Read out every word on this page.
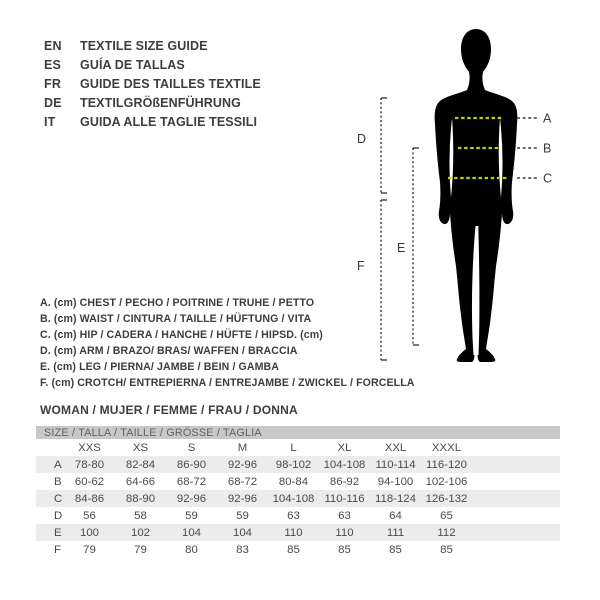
EN	TEXTILE SIZE GUIDE
ES	GUÍA DE TALLAS
FR	GUIDE DES TAILLES TEXTILE
DE	TEXTILGRÖßENFÜHRUNG
IT	GUIDA ALLE TAGLIE TESSILI
A. (cm) CHEST / PECHO / POITRINE / TRUHE / PETTO
B. (cm) WAIST / CINTURA / TAILLE / HÜFTUNG / VITA
C. (cm) HIP / CADERA / HANCHE / HÜFTE / HIPSD. (cm)
D. (cm) ARM / BRAZO/ BRAS/ WAFFEN / BRACCIA
E. (cm) LEG / PIERNA/ JAMBE / BEIN / GAMBA
F. (cm) CROTCH/ ENTREPIERNA / ENTREJAMBE / ZWICKEL / FORCELLA
A
B
C
D
E
F
WOMAN / MUJER / FEMME / FRAU / DONNA
SIZE / TALLA / TAILLE / GRÖSSE / TAGLIA									
	XXS	XS	S	M	L	XL	XXL	XXXL	
A	78-80	82-84	86-90	92-96	98-102	104-108	110-114	116-120	
B	60-62	64-66	68-72	68-72	80-84	86-92	94-100	102-106	
C	84-86	88-90	92-96	92-96	104-108	110-116	118-124	126-132	
D	56	58	59	59	63	63	64	65	
E	100	102	104	104	110	110	111	112	
F	79	79	80	83	85	85	85	85	
